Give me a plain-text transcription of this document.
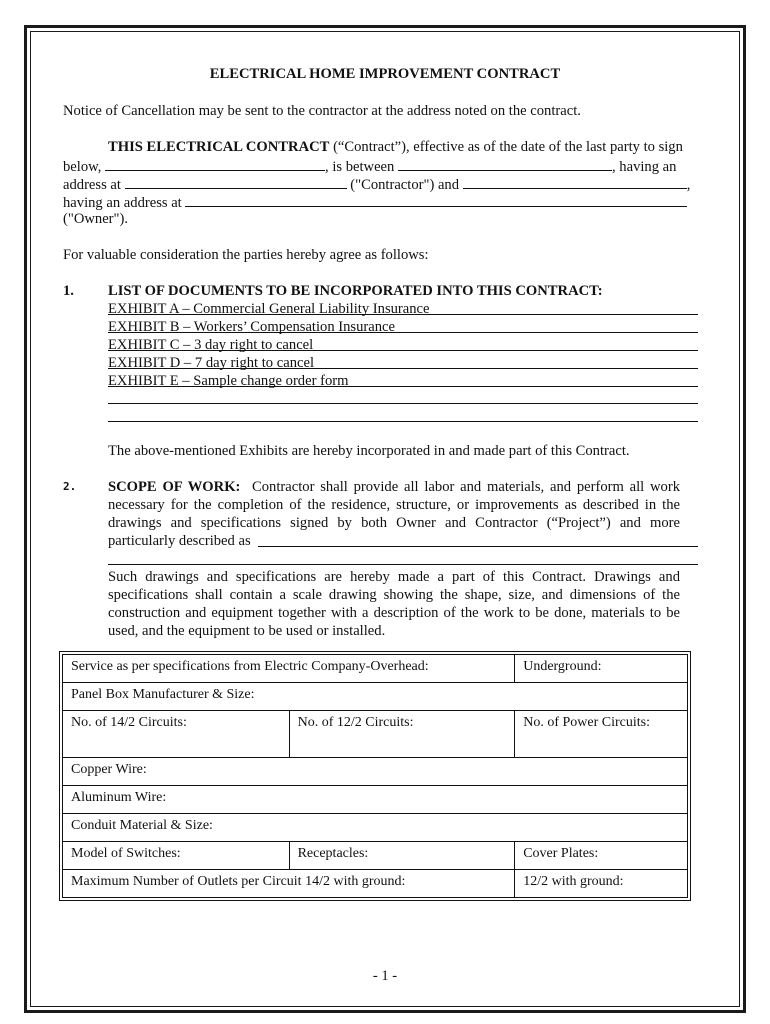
ELECTRICAL HOME IMPROVEMENT CONTRACT
Notice of Cancellation may be sent to the contractor at the address noted on the contract.
THIS ELECTRICAL CONTRACT (“Contract”), effective as of the date of the last party to sign
below,	, is between	, having an
address at	("Contractor") and	,
having an address at
("Owner").
For valuable consideration the parties hereby agree as follows:
1. LIST OF DOCUMENTS TO BE INCORPORATED INTO THIS CONTRACT:
EXHIBIT A – Commercial General Liability Insurance
EXHIBIT B – Workers’ Compensation Insurance
EXHIBIT C – 3 day right to cancel
EXHIBIT D – 7 day right to cancel
EXHIBIT E – Sample change order form
The above-mentioned Exhibits are hereby incorporated in and made part of this Contract.
2. SCOPE OF WORK: Contractor shall provide all labor and materials, and perform all work necessary for the completion of the residence, structure, or improvements as described in the drawings and specifications signed by both Owner and Contractor (“Project”) and more particularly described as
Such drawings and specifications are hereby made a part of this Contract. Drawings and specifications shall contain a scale drawing showing the shape, size, and dimensions of the construction and equipment together with a description of the work to be done, materials to be used, and the equipment to be used or installed.
Service as per specifications from Electric Company-Overhead:		Underground:
Panel Box Manufacturer & Size:		
No. of 14/2 Circuits:	No. of 12/2 Circuits:	No. of Power Circuits:
Copper Wire:		
Aluminum Wire:		
Conduit Material & Size:		
Model of Switches:	Receptacles:	Cover Plates:
Maximum Number of Outlets per Circuit 14/2 with ground:		12/2 with ground:
- 1 -
